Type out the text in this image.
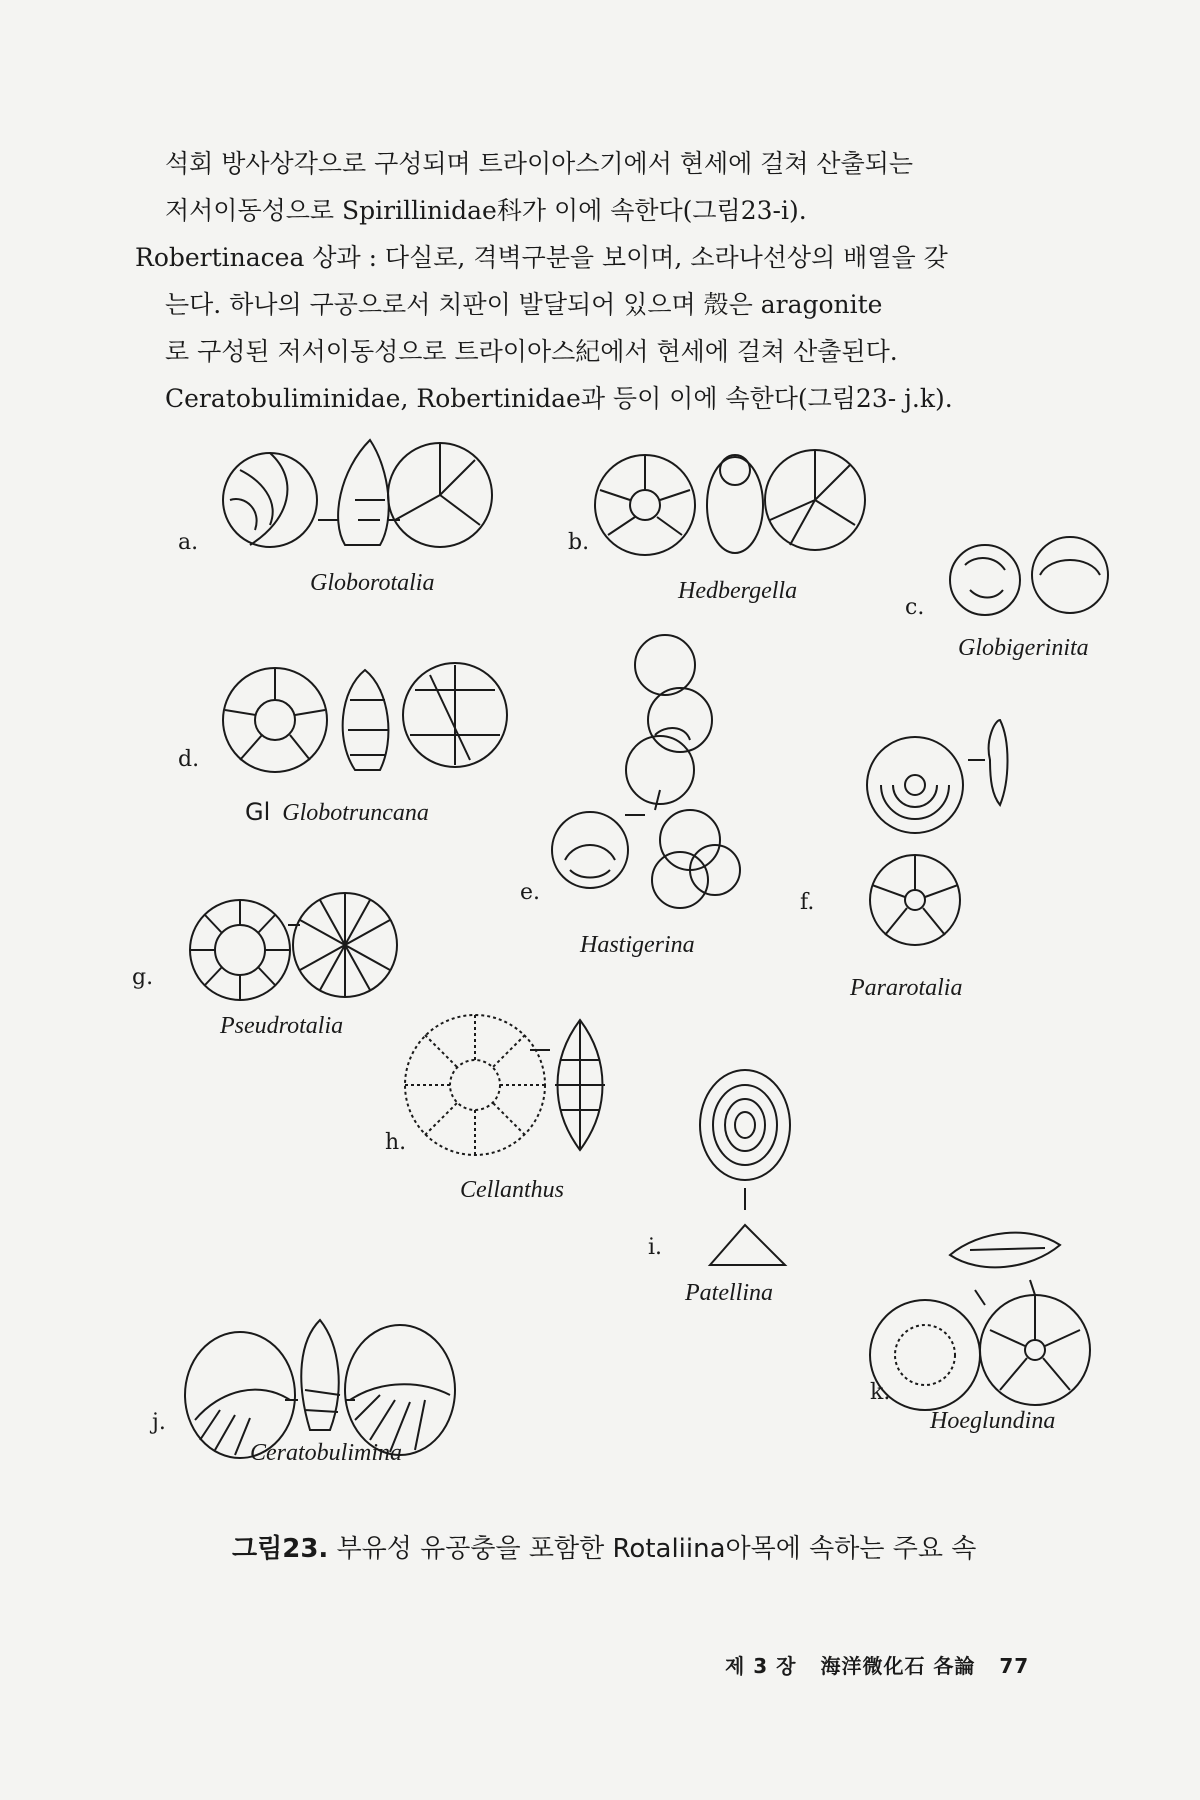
석회 방사상각으로 구성되며 트라이아스기에서 현세에 걸쳐 산출되는
저서이동성으로 Spirillinidae科가 이에 속한다(그림23-i).
Robertinacea 상과 : 다실로, 격벽구분을 보이며, 소라나선상의 배열을 갖
는다. 하나의 구공으로서 치판이 발달되어 있으며 殼은 aragonite
로 구성된 저서이동성으로 트라이아스紀에서 현세에 걸쳐 산출된다.
Ceratobuliminidae, Robertinidae과 등이 이에 속한다(그림23- j.k).
a.
Globorotalia
b.
Hedbergella
c.
Globigerinita
d.
Gl Globotruncana
e.
Hastigerina
f.
Pararotalia
g.
Pseudrotalia
h.
Cellanthus
i.
Patellina
j.
Ceratobulimina
k.
Hoeglundina
그림23. 부유성 유공충을 포함한 Rotaliina아목에 속하는 주요 속
제 3 장 海洋微化石 各論 77
